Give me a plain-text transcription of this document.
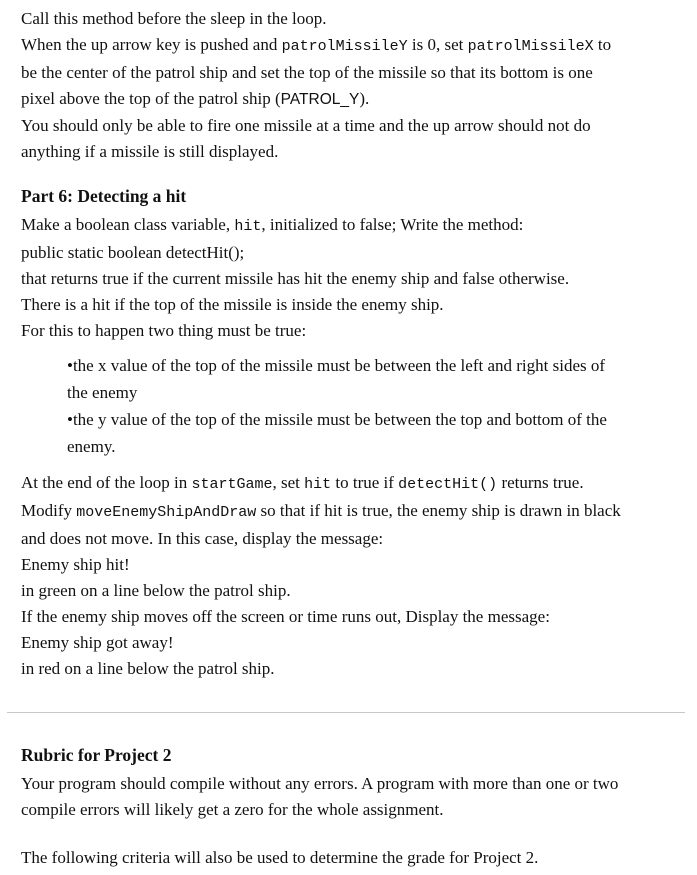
Call this method before the sleep in the loop.

When the up arrow key is pushed and patrolMissileY is 0, set patrolMissileX to

be the center of the patrol ship and set the top of the missile so that its bottom is one

pixel above the top of the patrol ship (PATROL_Y).

You should only be able to fire one missile at a time and the up arrow should not do

anything if a missile is still displayed.

Part 6: Detecting a hit

Make a boolean class variable, hit, initialized to false; Write the method:

public static boolean detectHit();

that returns true if the current missile has hit the enemy ship and false otherwise.

There is a hit if the top of the missile is inside the enemy ship.

For this to happen two thing must be true:

•the x value of the top of the missile must be between the left and right sides of

the enemy

•the y value of the top of the missile must be between the top and bottom of the

enemy.

At the end of the loop in startGame, set hit to true if detectHit() returns true.

Modify moveEnemyShipAndDraw so that if hit is true, the enemy ship is drawn in black

and does not move. In this case, display the message:

Enemy ship hit!

in green on a line below the patrol ship.

If the enemy ship moves off the screen or time runs out, Display the message:

Enemy ship got away!

in red on a line below the patrol ship.

Rubric for Project 2

Your program should compile without any errors. A program with more than one or two

compile errors will likely get a zero for the whole assignment.

The following criteria will also be used to determine the grade for Project 2.
